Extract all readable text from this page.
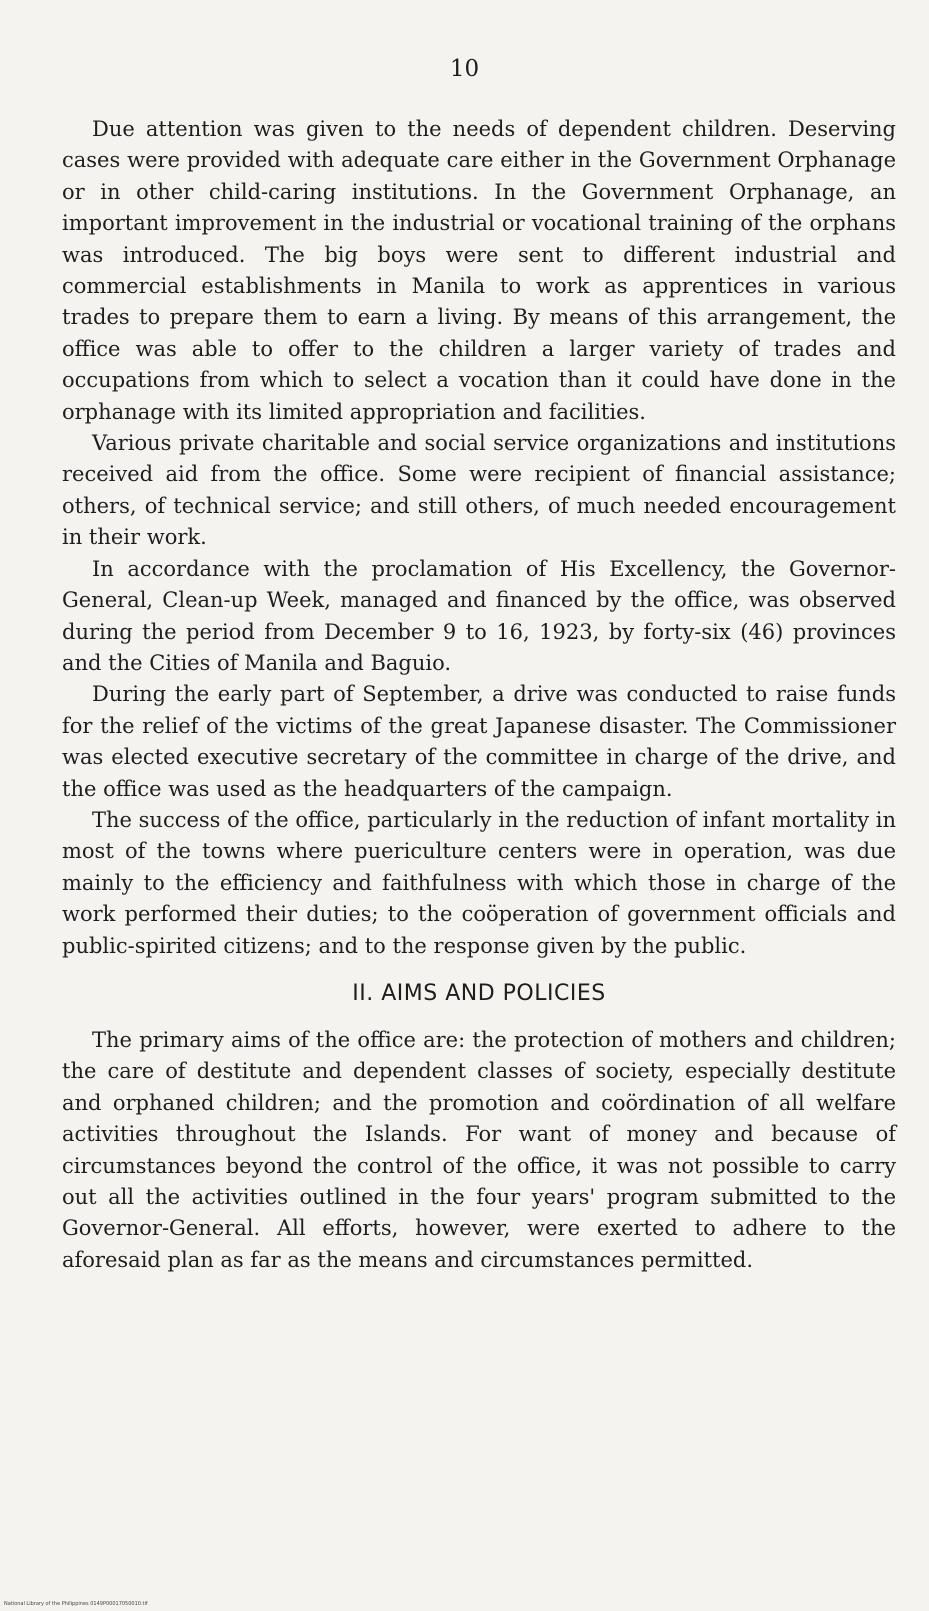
10

Due attention was given to the needs of dependent children. Deserving cases were provided with adequate care either in the Government Orphanage or in other child-caring institutions. In the Government Orphanage, an important improvement in the industrial or vocational training of the orphans was introduced. The big boys were sent to different industrial and commercial establishments in Manila to work as apprentices in various trades to prepare them to earn a living. By means of this arrangement, the office was able to offer to the children a larger variety of trades and occupations from which to select a vocation than it could have done in the orphanage with its limited appropriation and facilities.

Various private charitable and social service organizations and institutions received aid from the office. Some were recipient of financial assistance; others, of technical service; and still others, of much needed encouragement in their work.

In accordance with the proclamation of His Excellency, the Governor-General, Clean-up Week, managed and financed by the office, was observed during the period from December 9 to 16, 1923, by forty-six (46) provinces and the Cities of Manila and Baguio.

During the early part of September, a drive was conducted to raise funds for the relief of the victims of the great Japanese disaster. The Commissioner was elected executive secretary of the committee in charge of the drive, and the office was used as the headquarters of the campaign.

The success of the office, particularly in the reduction of infant mortality in most of the towns where puericulture centers were in operation, was due mainly to the efficiency and faithfulness with which those in charge of the work performed their duties; to the coöperation of government officials and public-spirited citizens; and to the response given by the public.

II. AIMS AND POLICIES

The primary aims of the office are: the protection of mothers and children; the care of destitute and dependent classes of society, especially destitute and orphaned children; and the promotion and coördination of all welfare activities throughout the Islands. For want of money and because of circumstances beyond the control of the office, it was not possible to carry out all the activities outlined in the four years' program submitted to the Governor-General. All efforts, however, were exerted to adhere to the aforesaid plan as far as the means and circumstances permitted.

National Library of the Philippines 0149P00017050010.tif
